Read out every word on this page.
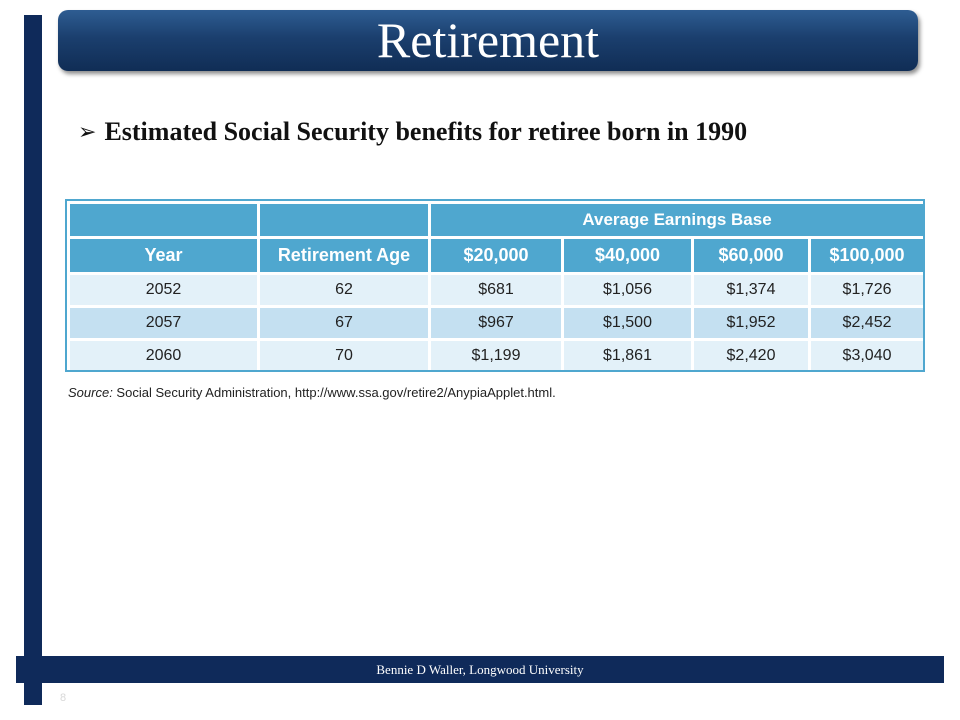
Retirement
➢ Estimated Social Security benefits for retiree born in 1990
		Average Earnings Base			
Year	Retirement Age	$20,000	$40,000	$60,000	$100,000
2052	62	$681	$1,056	$1,374	$1,726
2057	67	$967	$1,500	$1,952	$2,452
2060	70	$1,199	$1,861	$2,420	$3,040
Source: Social Security Administration, http://www.ssa.gov/retire2/AnypiaApplet.html.
Bennie D Waller, Longwood University
8
